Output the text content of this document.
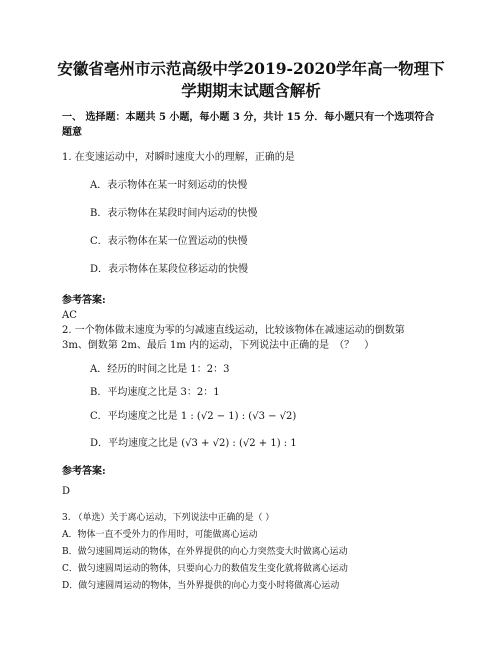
安徽省亳州市示范高级中学2019-2020学年高一物理下
学期期末试题含解析
一、 选择题：本题共 5 小题，每小题 3 分，共计 15 分．每小题只有一个选项符合
题意
1. 在变速运动中，对瞬时速度大小的理解，正确的是
A．表示物体在某一时刻运动的快慢
B．表示物体在某段时间内运动的快慢
C．表示物体在某一位置运动的快慢
D．表示物体在某段位移运动的快慢
参考答案:
AC
2. 一个物体做末速度为零的匀减速直线运动，比较该物体在减速运动的倒数第
3m、倒数第 2m、最后 1m 内的运动，下列说法中正确的是　（？　）
A．经历的时间之比是 1：2：3
B．平均速度之比是 3：2：1
C．平均速度之比是 1 : (√2 − 1) : (√3 − √2)
D．平均速度之比是 (√3 + √2) : (√2 + 1) : 1
参考答案:
D
3. （单选）关于离心运动，下列说法中正确的是（ ）
A．物体一直不受外力的作用时，可能做离心运动
B．做匀速圆周运动的物体，在外界提供的向心力突然变大时做离心运动
C．做匀速圆周运动的物体，只要向心力的数值发生变化就将做离心运动
D．做匀速圆周运动的物体，当外界提供的向心力变小时将做离心运动
